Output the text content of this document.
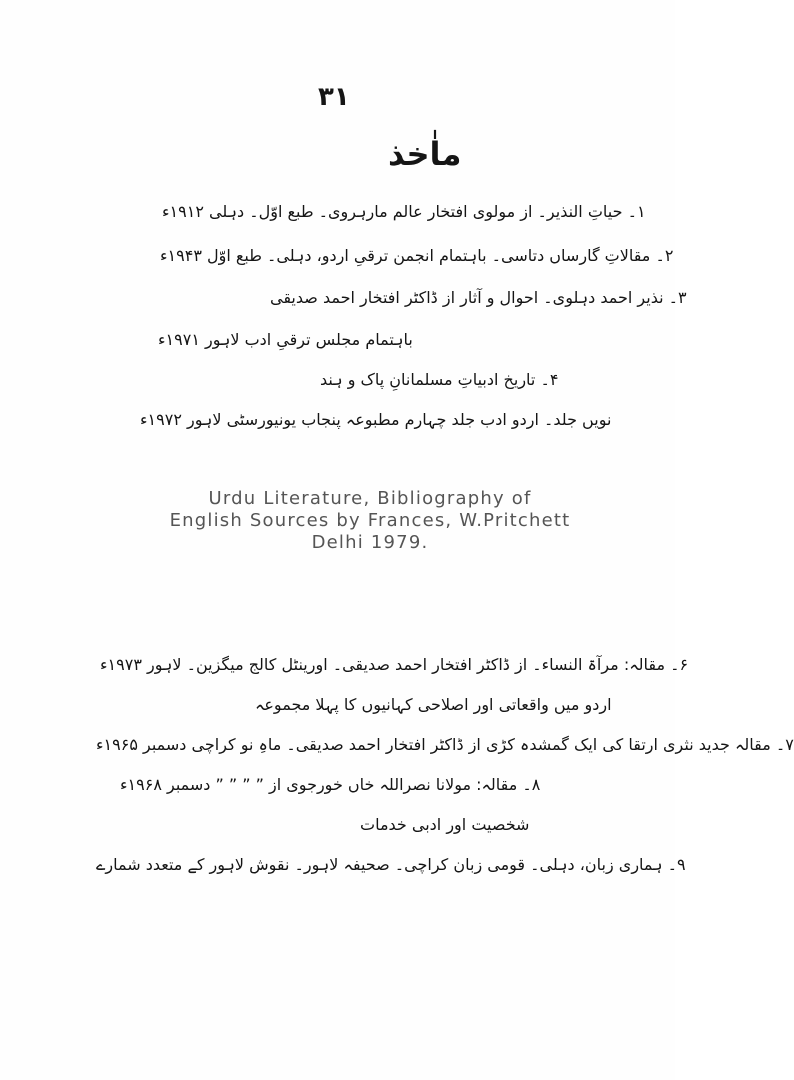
۳۱
ماٰخذ
۱۔ حیاتِ النذیر۔ از مولوی افتخار عالم مارہروی۔ طبع اوّل۔ دہلی ۱۹۱۲ء
۲۔ مقالاتِ گارساں دتاسی۔ باہتمام انجمن ترقیِ اردو، دہلی۔ طبع اوّل ۱۹۴۳ء
۳۔ نذیر احمد دہلوی۔ احوال و آثار از ڈاکٹر افتخار احمد صدیقی
باہتمام مجلس ترقیِ ادب لاہور ۱۹۷۱ء
۴۔ تاریخ ادبیاتِ مسلمانانِ پاک و ہند
نویں جلد۔ اردو ادب جلد چہارم مطبوعہ پنجاب یونیورسٹی لاہور ۱۹۷۲ء
Urdu Literature, Bibliography of
English Sources by Frances, W.Pritchett
Delhi 1979.
۶۔ مقالہ: مرآۃ النساء۔ از ڈاکٹر افتخار احمد صدیقی۔ اورینٹل کالج میگزین۔ لاہور ۱۹۷۳ء
اردو میں واقعاتی اور اصلاحی کہانیوں کا پہلا مجموعہ
۷۔ مقالہ جدید نثری ارتقا کی ایک گمشدہ کڑی از ڈاکٹر افتخار احمد صدیقی۔ ماہِ نو کراچی دسمبر ۱۹۶۵ء
۸۔ مقالہ: مولانا نصراللہ خاں خورجوی از ” ” ” ” دسمبر ۱۹۶۸ء
شخصیت اور ادبی خدمات
۹۔ ہماری زبان، دہلی۔ قومی زبان کراچی۔ صحیفہ لاہور۔ نقوش لاہور کے متعدد شمارے
